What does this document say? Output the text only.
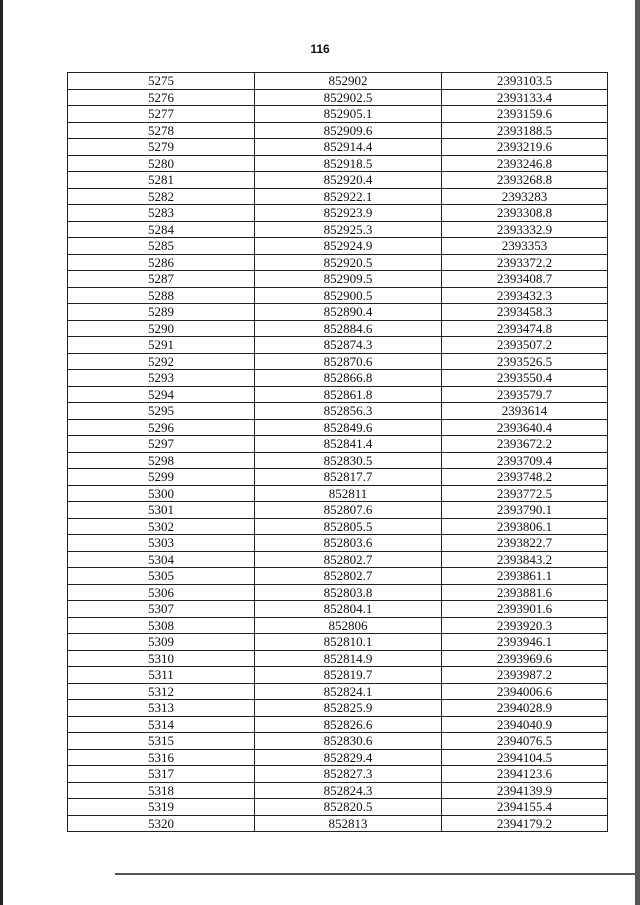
116
5275	852902	2393103.5
5276	852902.5	2393133.4
5277	852905.1	2393159.6
5278	852909.6	2393188.5
5279	852914.4	2393219.6
5280	852918.5	2393246.8
5281	852920.4	2393268.8
5282	852922.1	2393283
5283	852923.9	2393308.8
5284	852925.3	2393332.9
5285	852924.9	2393353
5286	852920.5	2393372.2
5287	852909.5	2393408.7
5288	852900.5	2393432.3
5289	852890.4	2393458.3
5290	852884.6	2393474.8
5291	852874.3	2393507.2
5292	852870.6	2393526.5
5293	852866.8	2393550.4
5294	852861.8	2393579.7
5295	852856.3	2393614
5296	852849.6	2393640.4
5297	852841.4	2393672.2
5298	852830.5	2393709.4
5299	852817.7	2393748.2
5300	852811	2393772.5
5301	852807.6	2393790.1
5302	852805.5	2393806.1
5303	852803.6	2393822.7
5304	852802.7	2393843.2
5305	852802.7	2393861.1
5306	852803.8	2393881.6
5307	852804.1	2393901.6
5308	852806	2393920.3
5309	852810.1	2393946.1
5310	852814.9	2393969.6
5311	852819.7	2393987.2
5312	852824.1	2394006.6
5313	852825.9	2394028.9
5314	852826.6	2394040.9
5315	852830.6	2394076.5
5316	852829.4	2394104.5
5317	852827.3	2394123.6
5318	852824.3	2394139.9
5319	852820.5	2394155.4
5320	852813	2394179.2
